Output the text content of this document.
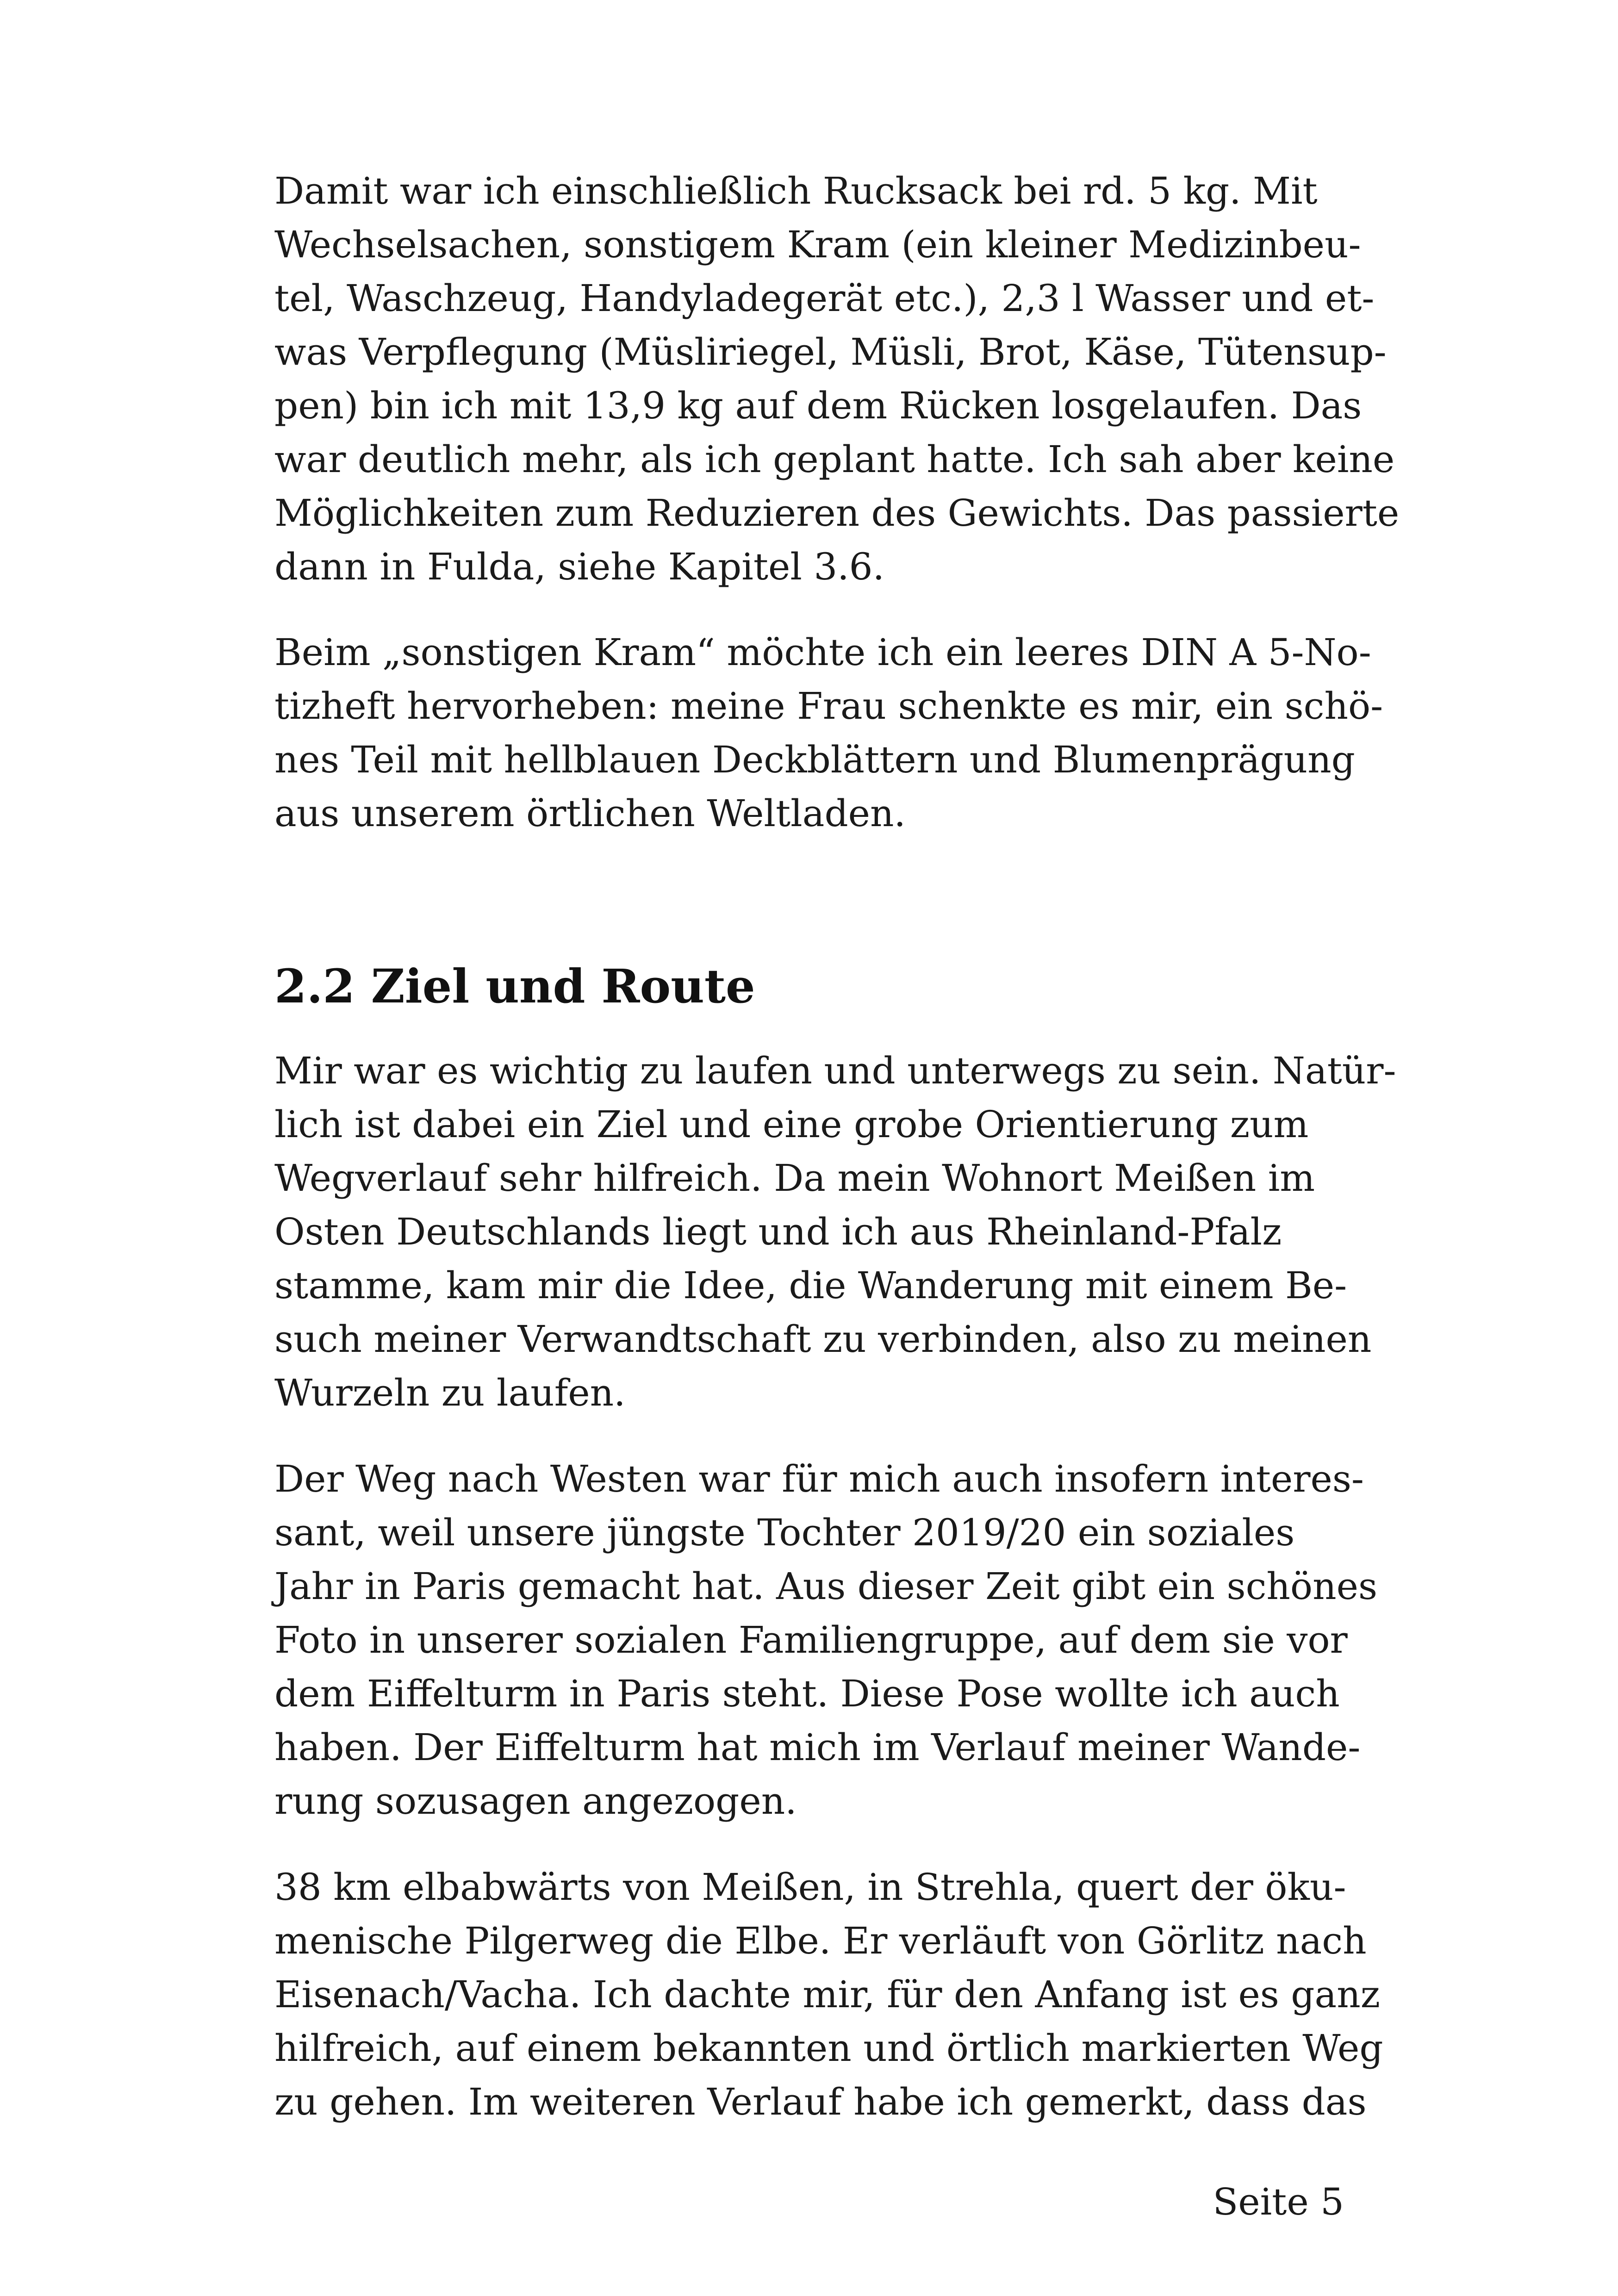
Damit war ich einschließlich Rucksack bei rd. 5 kg. Mit
Wechselsachen, sonstigem Kram (ein kleiner Medizinbeu-
tel, Waschzeug, Handyladegerät etc.), 2,3 l Wasser und et-
was Verpflegung (Müsliriegel, Müsli, Brot, Käse, Tütensup-
pen) bin ich mit 13,9 kg auf dem Rücken losgelaufen. Das
war deutlich mehr, als ich geplant hatte. Ich sah aber keine
Möglichkeiten zum Reduzieren des Gewichts. Das passierte
dann in Fulda, siehe Kapitel 3.6.
Beim „sonstigen Kram“ möchte ich ein leeres DIN A 5-No-
tizheft hervorheben: meine Frau schenkte es mir, ein schö-
nes Teil mit hellblauen Deckblättern und Blumenprägung
aus unserem örtlichen Weltladen.
2.2 Ziel und Route
Mir war es wichtig zu laufen und unterwegs zu sein. Natür-
lich ist dabei ein Ziel und eine grobe Orientierung zum
Wegverlauf sehr hilfreich. Da mein Wohnort Meißen im
Osten Deutschlands liegt und ich aus Rheinland-Pfalz
stamme, kam mir die Idee, die Wanderung mit einem Be-
such meiner Verwandtschaft zu verbinden, also zu meinen
Wurzeln zu laufen.
Der Weg nach Westen war für mich auch insofern interes-
sant, weil unsere jüngste Tochter 2019/20 ein soziales
Jahr in Paris gemacht hat. Aus dieser Zeit gibt ein schönes
Foto in unserer sozialen Familiengruppe, auf dem sie vor
dem Eiffelturm in Paris steht. Diese Pose wollte ich auch
haben. Der Eiffelturm hat mich im Verlauf meiner Wande-
rung sozusagen angezogen.
38 km elbabwärts von Meißen, in Strehla, quert der öku-
menische Pilgerweg die Elbe. Er verläuft von Görlitz nach
Eisenach/Vacha. Ich dachte mir, für den Anfang ist es ganz
hilfreich, auf einem bekannten und örtlich markierten Weg
zu gehen. Im weiteren Verlauf habe ich gemerkt, dass das
Seite 5
